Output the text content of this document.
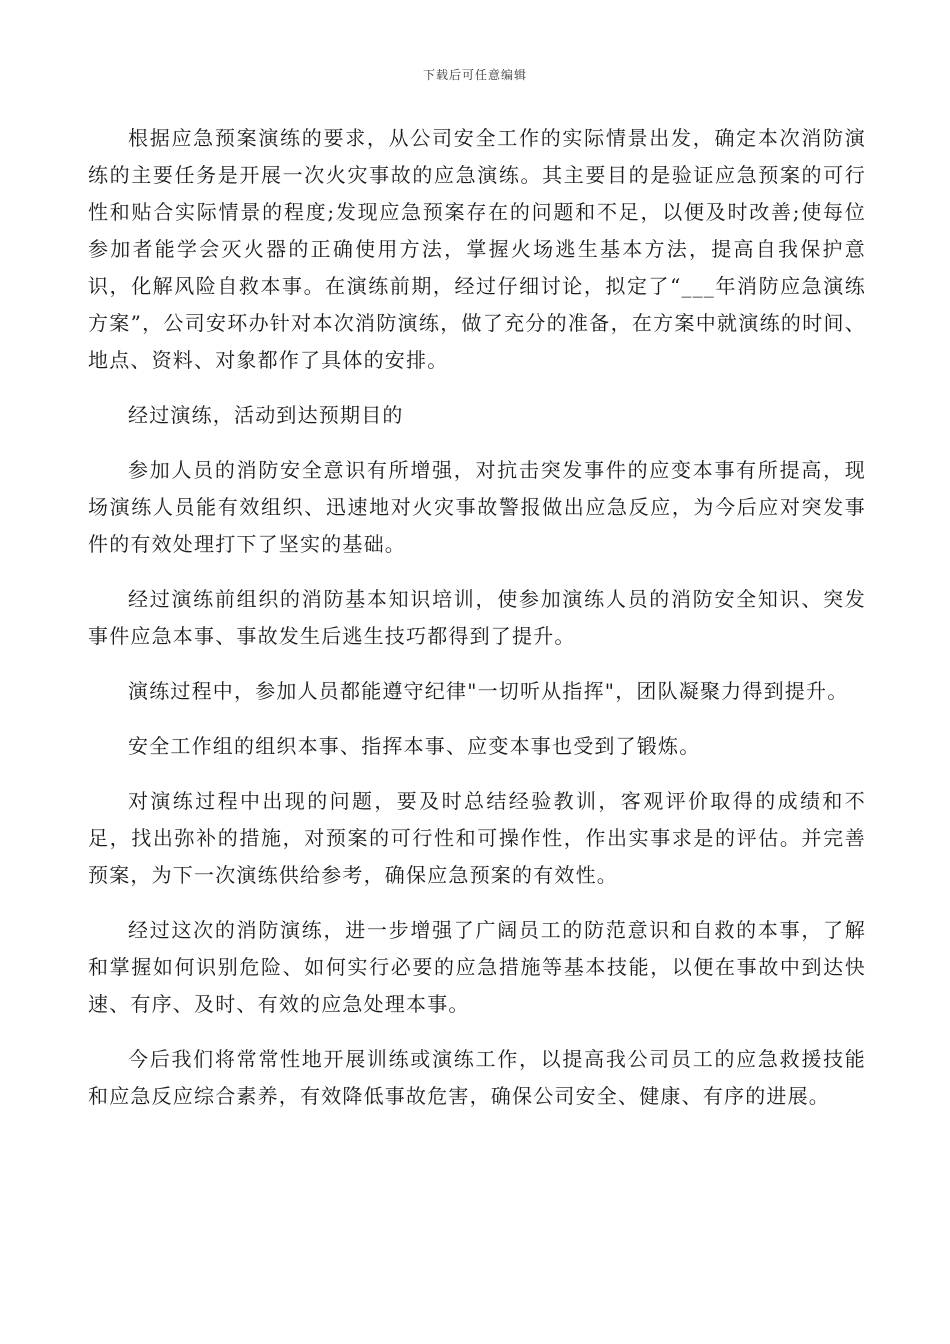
下载后可任意编辑

根据应急预案演练的要求，从公司安全工作的实际情景出发，确定本次消防演练的主要任务是开展一次火灾事故的应急演练。其主要目的是验证应急预案的可行性和贴合实际情景的程度;发现应急预案存在的问题和不足，以便及时改善;使每位参加者能学会灭火器的正确使用方法，掌握火场逃生基本方法，提高自我保护意识，化解风险自救本事。在演练前期，经过仔细讨论，拟定了“___年消防应急演练方案”，公司安环办针对本次消防演练，做了充分的准备，在方案中就演练的时间、地点、资料、对象都作了具体的安排。

经过演练，活动到达预期目的

参加人员的消防安全意识有所增强，对抗击突发事件的应变本事有所提高，现场演练人员能有效组织、迅速地对火灾事故警报做出应急反应，为今后应对突发事件的有效处理打下了坚实的基础。

经过演练前组织的消防基本知识培训，使参加演练人员的消防安全知识、突发事件应急本事、事故发生后逃生技巧都得到了提升。

演练过程中，参加人员都能遵守纪律"一切听从指挥"，团队凝聚力得到提升。

安全工作组的组织本事、指挥本事、应变本事也受到了锻炼。

对演练过程中出现的问题，要及时总结经验教训，客观评价取得的成绩和不足，找出弥补的措施，对预案的可行性和可操作性，作出实事求是的评估。并完善预案，为下一次演练供给参考，确保应急预案的有效性。

经过这次的消防演练，进一步增强了广阔员工的防范意识和自救的本事，了解和掌握如何识别危险、如何实行必要的应急措施等基本技能，以便在事故中到达快速、有序、及时、有效的应急处理本事。

今后我们将常常性地开展训练或演练工作，以提高我公司员工的应急救援技能和应急反应综合素养，有效降低事故危害，确保公司安全、健康、有序的进展。
